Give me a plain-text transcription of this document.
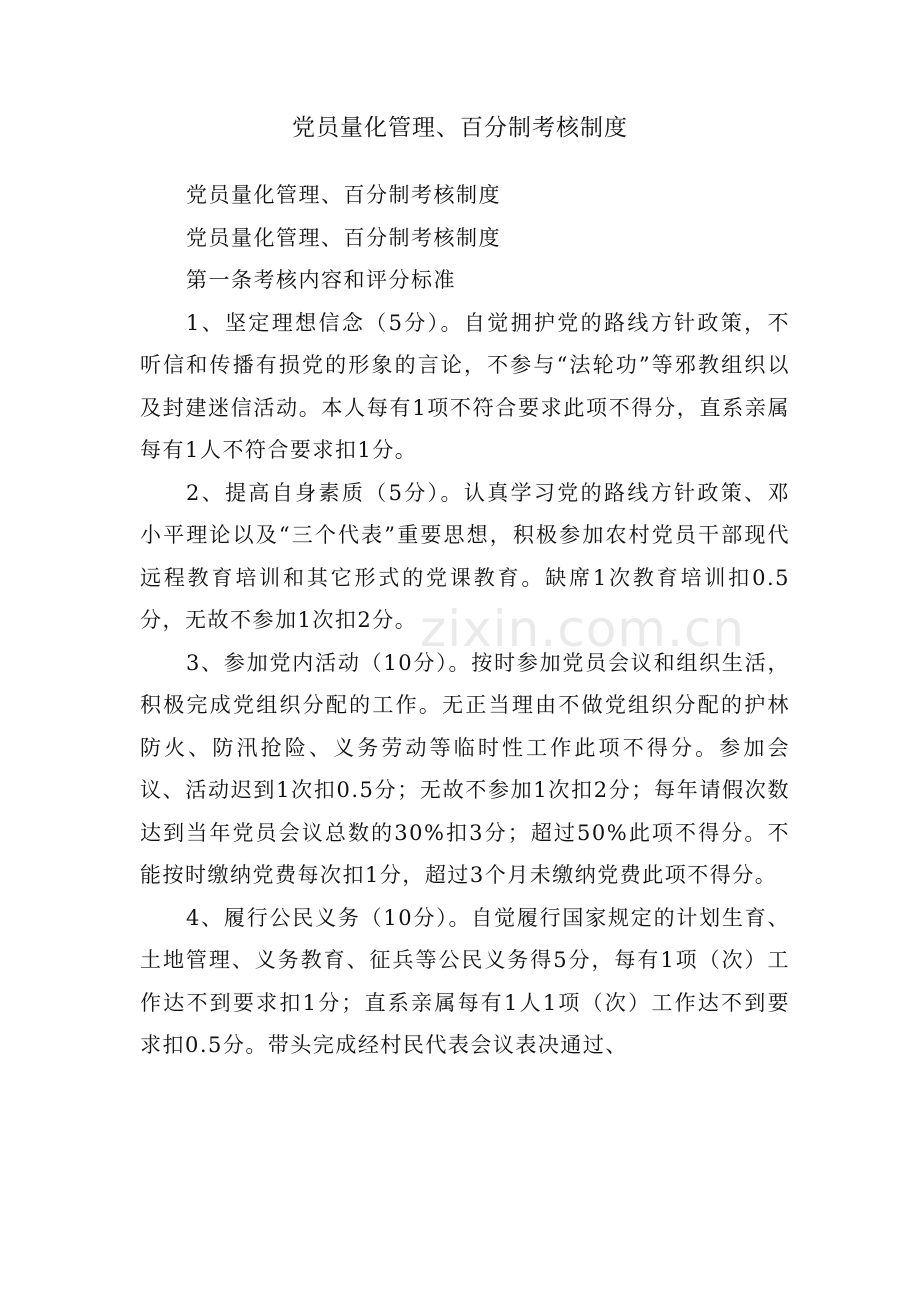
党员量化管理、百分制考核制度

党员量化管理、百分制考核制度

党员量化管理、百分制考核制度

第一条考核内容和评分标准

1、坚定理想信念（5分）。自觉拥护党的路线方针政策，不听信和传播有损党的形象的言论，不参与“法轮功”等邪教组织以及封建迷信活动。本人每有1项不符合要求此项不得分，直系亲属每有1人不符合要求扣1分。

2、提高自身素质（5分）。认真学习党的路线方针政策、邓小平理论以及“三个代表”重要思想，积极参加农村党员干部现代远程教育培训和其它形式的党课教育。缺席1次教育培训扣0.5分，无故不参加1次扣2分。

3、参加党内活动（10分）。按时参加党员会议和组织生活，积极完成党组织分配的工作。无正当理由不做党组织分配的护林防火、防汛抢险、义务劳动等临时性工作此项不得分。参加会议、活动迟到1次扣0.5分；无故不参加1次扣2分；每年请假次数达到当年党员会议总数的30%扣3分；超过50%此项不得分。不能按时缴纳党费每次扣1分，超过3个月未缴纳党费此项不得分。

4、履行公民义务（10分）。自觉履行国家规定的计划生育、土地管理、义务教育、征兵等公民义务得5分，每有1项（次）工作达不到要求扣1分；直系亲属每有1人1项（次）工作达不到要求扣0.5分。带头完成经村民代表会议表决通过、

zixin.com.cn
